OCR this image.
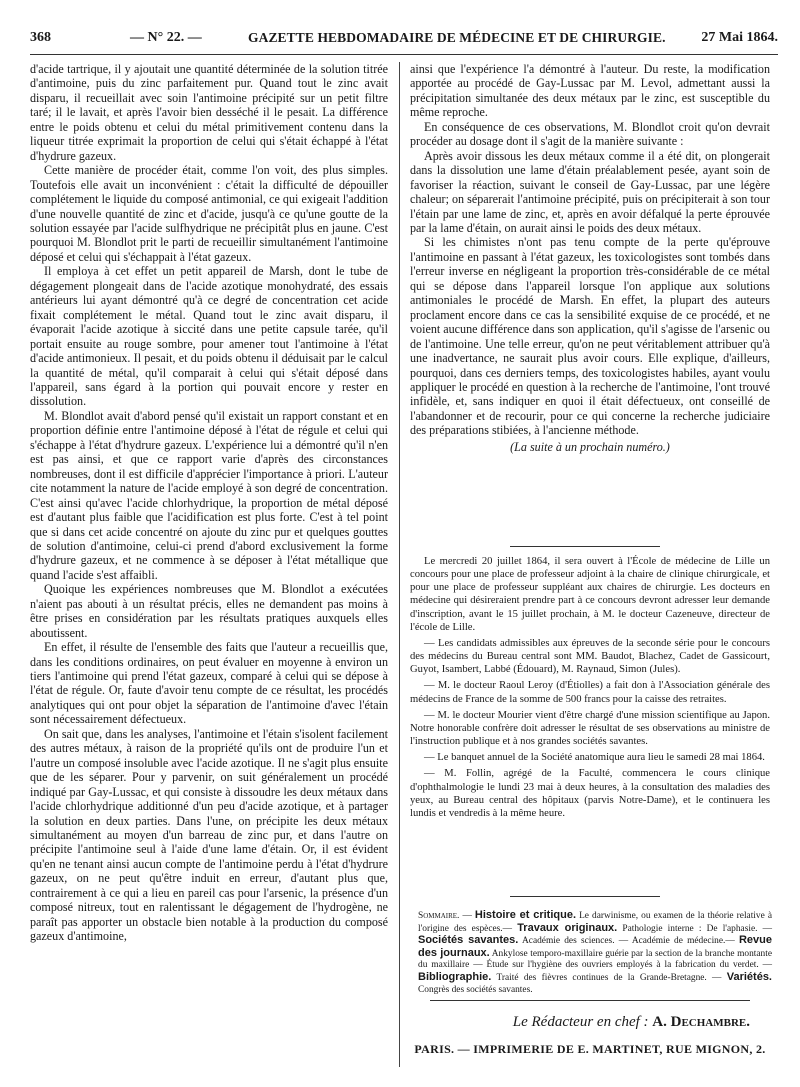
368	— N° 22. —	GAZETTE HEBDOMADAIRE DE MÉDECINE ET DE CHIRURGIE.	27 Mai 1864.

d'acide tartrique, il y ajoutait une quantité déterminée de la solution titrée d'antimoine, puis du zinc parfaitement pur. Quand tout le zinc avait disparu, il recueillait avec soin l'antimoine précipité sur un petit filtre taré; il le lavait, et après l'avoir bien desséché il le pesait. La différence entre le poids obtenu et celui du métal primitivement contenu dans la liqueur titrée exprimait la proportion de celui qui s'était échappé à l'état d'hydrure gazeux.

Cette manière de procéder était, comme l'on voit, des plus simples. Toutefois elle avait un inconvénient : c'était la difficulté de dépouiller complétement le liquide du composé antimonial, ce qui exigeait l'addition d'une nouvelle quantité de zinc et d'acide, jusqu'à ce qu'une goutte de la solution essayée par l'acide sulfhydrique ne précipitât plus en jaune. C'est pourquoi M. Blondlot prit le parti de recueillir simultanément l'antimoine déposé et celui qui s'échappait à l'état gazeux.

Il employa à cet effet un petit appareil de Marsh, dont le tube de dégagement plongeait dans de l'acide azotique monohydraté, des essais antérieurs lui ayant démontré qu'à ce degré de concentration cet acide fixait complétement le métal. Quand tout le zinc avait disparu, il évaporait l'acide azotique à siccité dans une petite capsule tarée, qu'il portait ensuite au rouge sombre, pour amener tout l'antimoine à l'état d'acide antimonieux. Il pesait, et du poids obtenu il déduisait par le calcul la quantité de métal, qu'il comparait à celui qui s'était déposé dans l'appareil, sans égard à la portion qui pouvait encore y rester en dissolution.

M. Blondlot avait d'abord pensé qu'il existait un rapport constant et en proportion définie entre l'antimoine déposé à l'état de régule et celui qui s'échappe à l'état d'hydrure gazeux. L'expérience lui a démontré qu'il n'en est pas ainsi, et que ce rapport varie d'après des circonstances nombreuses, dont il est difficile d'apprécier l'importance à priori. L'auteur cite notamment la nature de l'acide employé à son degré de concentration. C'est ainsi qu'avec l'acide chlorhydrique, la proportion de métal déposé est d'autant plus faible que l'acidification est plus forte. C'est à tel point que si dans cet acide concentré on ajoute du zinc pur et quelques gouttes de solution d'antimoine, celui-ci prend d'abord exclusivement la forme d'hydrure gazeux, et ne commence à se déposer à l'état métallique que quand l'acide s'est affaibli.

Quoique les expériences nombreuses que M. Blondlot a exécutées n'aient pas abouti à un résultat précis, elles ne demandent pas moins à être prises en considération par les résultats pratiques auxquels elles aboutissent.

En effet, il résulte de l'ensemble des faits que l'auteur a recueillis que, dans les conditions ordinaires, on peut évaluer en moyenne à environ un tiers l'antimoine qui prend l'état gazeux, comparé à celui qui se dépose à l'état de régule. Or, faute d'avoir tenu compte de ce résultat, les procédés analytiques qui ont pour objet la séparation de l'antimoine d'avec l'étain sont nécessairement défectueux.

On sait que, dans les analyses, l'antimoine et l'étain s'isolent facilement des autres métaux, à raison de la propriété qu'ils ont de produire l'un et l'autre un composé insoluble avec l'acide azotique. Il ne s'agit plus ensuite que de les séparer. Pour y parvenir, on suit généralement un procédé indiqué par Gay-Lussac, et qui consiste à dissoudre les deux métaux dans l'acide chlorhydrique additionné d'un peu d'acide azotique, et à partager la solution en deux parties. Dans l'une, on précipite les deux métaux simultanément au moyen d'un barreau de zinc pur, et dans l'autre on précipite l'antimoine seul à l'aide d'une lame d'étain. Or, il est évident qu'en ne tenant ainsi aucun compte de l'antimoine perdu à l'état d'hydrure gazeux, on ne peut qu'être induit en erreur, d'autant plus que, contrairement à ce qui a lieu en pareil cas pour l'arsenic, la présence d'un composé nitreux, tout en ralentissant le dégagement de l'hydrogène, ne paraît pas apporter un obstacle bien notable à la production du composé gazeux d'antimoine,

ainsi que l'expérience l'a démontré à l'auteur. Du reste, la modification apportée au procédé de Gay-Lussac par M. Levol, admettant aussi la précipitation simultanée des deux métaux par le zinc, est susceptible du même reproche.

En conséquence de ces observations, M. Blondlot croit qu'on devrait procéder au dosage dont il s'agit de la manière suivante :

Après avoir dissous les deux métaux comme il a été dit, on plongerait dans la dissolution une lame d'étain préalablement pesée, ayant soin de favoriser la réaction, suivant le conseil de Gay-Lussac, par une légère chaleur; on séparerait l'antimoine précipité, puis on précipiterait à son tour l'étain par une lame de zinc, et, après en avoir défalqué la perte éprouvée par la lame d'étain, on aurait ainsi le poids des deux métaux.

Si les chimistes n'ont pas tenu compte de la perte qu'éprouve l'antimoine en passant à l'état gazeux, les toxicologistes sont tombés dans l'erreur inverse en négligeant la proportion très-considérable de ce métal qui se dépose dans l'appareil lorsque l'on applique aux solutions antimoniales le procédé de Marsh. En effet, la plupart des auteurs proclament encore dans ce cas la sensibilité exquise de ce procédé, et ne voient aucune différence dans son application, qu'il s'agisse de l'arsenic ou de l'antimoine. Une telle erreur, qu'on ne peut véritablement attribuer qu'à une inadvertance, ne saurait plus avoir cours. Elle explique, d'ailleurs, pourquoi, dans ces derniers temps, des toxicologistes habiles, ayant voulu appliquer le procédé en question à la recherche de l'antimoine, l'ont trouvé infidèle, et, sans indiquer en quoi il était défectueux, ont conseillé de l'abandonner et de recourir, pour ce qui concerne la recherche judiciaire des préparations stibiées, à l'ancienne méthode.

(La suite à un prochain numéro.)

Le mercredi 20 juillet 1864, il sera ouvert à l'École de médecine de Lille un concours pour une place de professeur adjoint à la chaire de clinique chirurgicale, et pour une place de professeur suppléant aux chaires de chirurgie. Les docteurs en médecine qui désireraient prendre part à ce concours devront adresser leur demande d'inscription, avant le 15 juillet prochain, à M. le docteur Cazeneuve, directeur de l'école de Lille.

— Les candidats admissibles aux épreuves de la seconde série pour le concours des médecins du Bureau central sont MM. Baudot, Blachez, Cadet de Gassicourt, Guyot, Isambert, Labbé (Édouard), M. Raynaud, Simon (Jules).

— M. le docteur Raoul Leroy (d'Étiolles) a fait don à l'Association générale des médecins de France de la somme de 500 francs pour la caisse des retraites.

— M. le docteur Mourier vient d'être chargé d'une mission scientifique au Japon. Notre honorable confrère doit adresser le résultat de ses observations au ministre de l'instruction publique et à nos grandes sociétés savantes.

— Le banquet annuel de la Société anatomique aura lieu le samedi 28 mai 1864.

— M. Follin, agrégé de la Faculté, commencera le cours clinique d'ophthalmologie le lundi 23 mai à deux heures, à la consultation des maladies des yeux, au Bureau central des hôpitaux (parvis Notre-Dame), et le continuera les lundis et vendredis à la même heure.

Sommaire. — Histoire et critique. Le darwinisme, ou examen de la théorie relative à l'origine des espèces.— Travaux originaux. Pathologie interne : De l'aphasie. — Sociétés savantes. Académie des sciences. — Académie de médecine.— Revue des journaux. Ankylose temporo-maxillaire guérie par la section de la branche montante du maxillaire — Étude sur l'hygiène des ouvriers employés à la fabrication du verdet. — Bibliographie. Traité des fièvres continues de la Grande-Bretagne. — Variétés. Congrès des sociétés savantes.
Le Rédacteur en chef : A. Dechambre.
PARIS. — IMPRIMERIE DE E. MARTINET, RUE MIGNON, 2.
